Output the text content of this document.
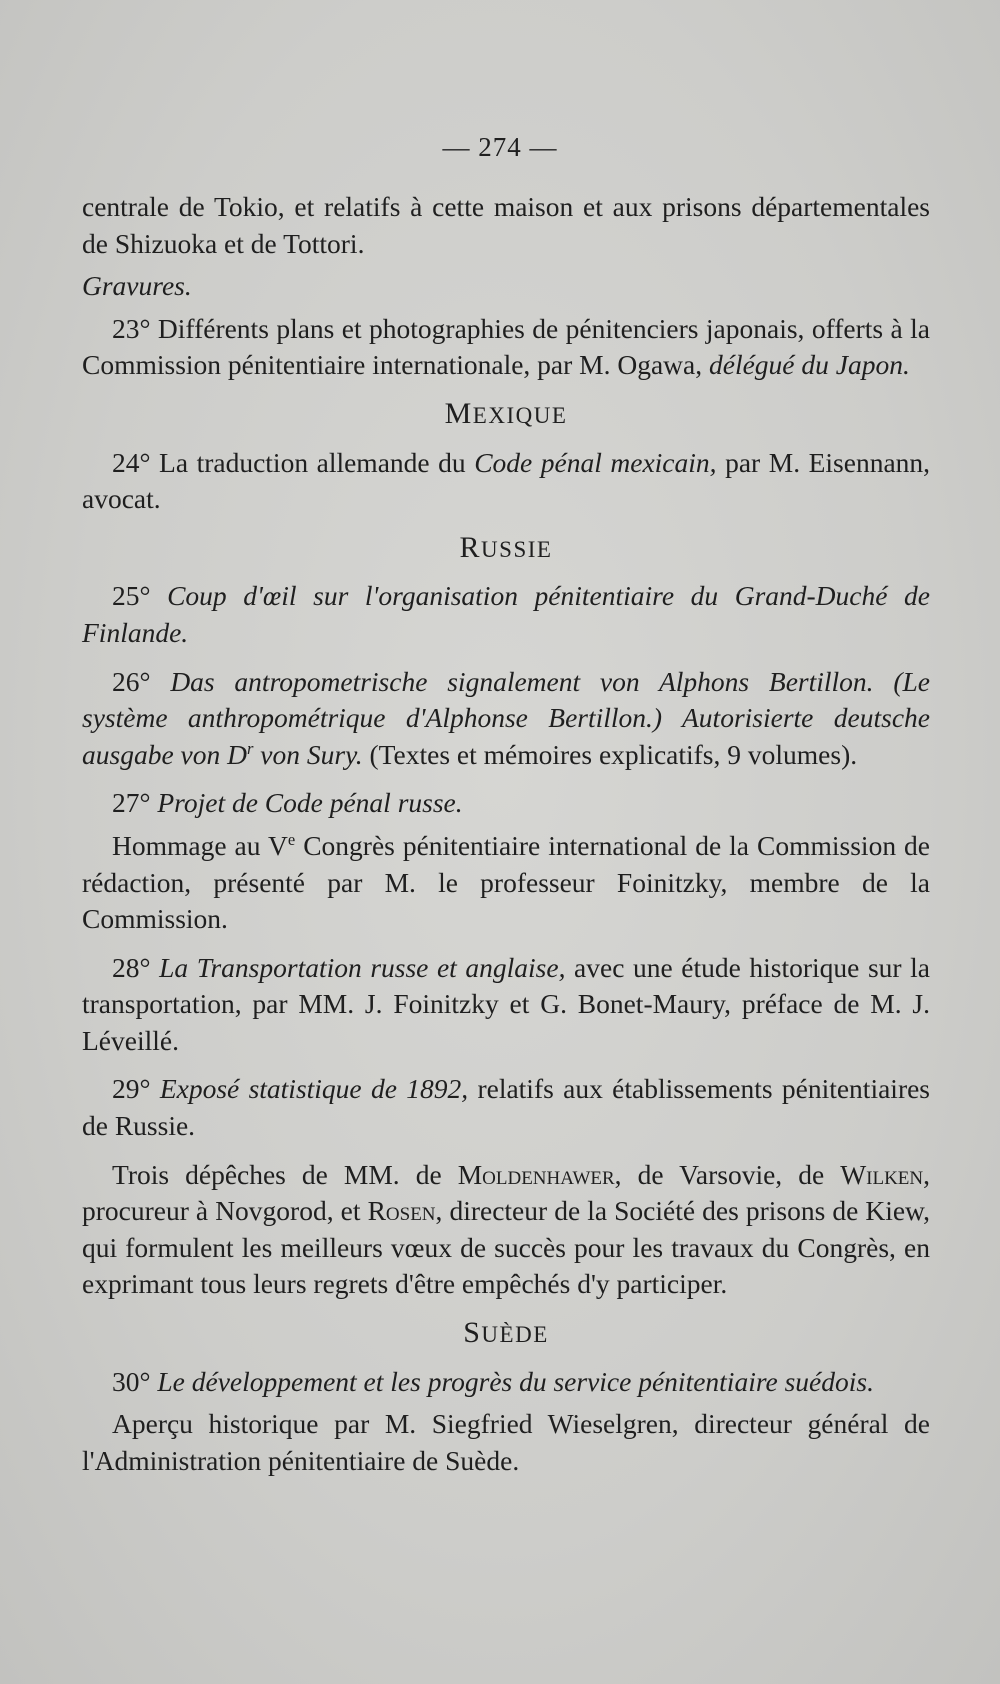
— 274 —

centrale de Tokio, et relatifs à cette maison et aux prisons départementales de Shizuoka et de Tottori.

Gravures.

23° Différents plans et photographies de pénitenciers japonais, offerts à la Commission pénitentiaire internationale, par M. Ogawa, délégué du Japon.

MEXIQUE

24° La traduction allemande du Code pénal mexicain, par M. Eisennann, avocat.

RUSSIE

25° Coup d'œil sur l'organisation pénitentiaire du Grand-Duché de Finlande.

26° Das antropometrische signalement von Alphons Bertillon. (Le système anthropométrique d'Alphonse Bertillon.) Autorisierte deutsche ausgabe von $D^r$ von Sury. (Textes et mémoires explicatifs, 9 volumes).

27° Projet de Code pénal russe.

Hommage au Ve Congrès pénitentiaire international de la Commission de rédaction, présenté par M. le professeur Foinitzky, membre de la Commission.

28° La Transportation russe et anglaise, avec une étude historique sur la transportation, par MM. J. Foinitzky et G. Bonet-Maury, préface de M. J. Léveillé.

29° Exposé statistique de 1892, relatifs aux établissements pénitentiaires de Russie.

Trois dépêches de MM. de Moldenhawer, de Varsovie, de Wilken, procureur à Novgorod, et Rosen, directeur de la Société des prisons de Kiew, qui formulent les meilleurs vœux de succès pour les travaux du Congrès, en exprimant tous leurs regrets d'être empêchés d'y participer.

SUÈDE

30° Le développement et les progrès du service pénitentiaire suédois.

Aperçu historique par M. Siegfried Wieselgren, directeur général de l'Administration pénitentiaire de Suède.
